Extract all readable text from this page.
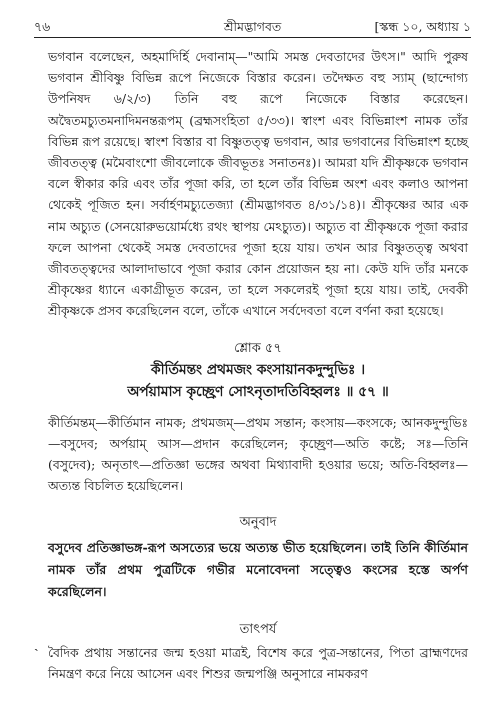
৭৬	শ্রীমদ্ভাগবত	[স্কন্ধ ১০, অধ্যায় ১

ভগবান বলেছেন, অহমাদির্হি দেবানাম্—"আমি সমস্ত দেবতাদের উৎস।" আদি পুরুষ ভগবান শ্রীবিষ্ণু বিভিন্ন রূপে নিজেকে বিস্তার করেন। তদৈক্ষত বহু স্যাম্ (ছান্দোগ্য উপনিষদ ৬/২/৩) তিনি বহু রূপে নিজেকে বিস্তার করেছেন। অদ্বৈতমচ্যুতমনাদিমনন্তরূপম্ (ব্রহ্মসংহিতা ৫/৩৩)। স্বাংশ এবং বিভিন্নাংশ নামক তাঁর বিভিন্ন রূপ রয়েছে। স্বাংশ বিস্তার বা বিষ্ণুতত্ত্ব ভগবান, আর ভগবানের বিভিন্নাংশ হচ্ছে জীবতত্ত্ব (মমৈবাংশো জীবলোকে জীবভূতঃ সনাতনঃ)। আমরা যদি শ্রীকৃষ্ণকে ভগবান বলে স্বীকার করি এবং তাঁর পূজা করি, তা হলে তাঁর বিভিন্ন অংশ এবং কলাও আপনা থেকেই পূজিত হন। সর্বার্হণমচ্যুতেজ্যা (শ্রীমদ্ভাগবত ৪/৩১/১৪)। শ্রীকৃষ্ণের আর এক নাম অচ্যুত (সেনয়োরুভয়োর্মধ্যে রথং স্থাপয় মেঽচ্যুত)। অচ্যুত বা শ্রীকৃষ্ণকে পূজা করার ফলে আপনা থেকেই সমস্ত দেবতাদের পূজা হয়ে যায়। তখন আর বিষ্ণুতত্ত্ব অথবা জীবতত্ত্বদের আলাদাভাবে পূজা করার কোন প্রয়োজন হয় না। কেউ যদি তাঁর মনকে শ্রীকৃষ্ণের ধ্যানে একাগ্রীভূত করেন, তা হলে সকলেরই পূজা হয়ে যায়। তাই, দেবকী শ্রীকৃষ্ণকে প্রসব করেছিলেন বলে, তাঁকে এখানে সর্বদেবতা বলে বর্ণনা করা হয়েছে।

শ্লোক ৫৭
কীর্তিমন্তং প্রথমজং কংসায়ানকদুন্দুভিঃ ।
অর্পয়ামাস কৃচ্ছ্রেণ সোঽনৃতাদতিবিহ্বলঃ ॥ ৫৭ ॥

কীর্তিমন্তম্—কীর্তিমান নামক; প্রথমজম্—প্রথম সন্তান; কংসায়—কংসকে; আনকদুন্দুভিঃ—বসুদেব; অর্পয়াম্ আস—প্রদান করেছিলেন; কৃচ্ছ্রেণ—অতি কষ্টে; সঃ—তিনি (বসুদেব); অনৃতাৎ—প্রতিজ্ঞা ভঙ্গের অথবা মিথ্যাবাদী হওয়ার ভয়ে; অতি-বিহ্বলঃ—অত্যন্ত বিচলিত হয়েছিলেন।

অনুবাদ

বসুদেব প্রতিজ্ঞাভঙ্গ-রূপ অসত্যের ভয়ে অত্যন্ত ভীত হয়েছিলেন। তাই তিনি কীর্তিমান নামক তাঁর প্রথম পুত্রটিকে গভীর মনোবেদনা সত্ত্বেও কংসের হস্তে অর্পণ করেছিলেন।

তাৎপর্য

বৈদিক প্রথায় সন্তানের জন্ম হওয়া মাত্রই, বিশেষ করে পুত্র-সন্তানের, পিতা ব্রাহ্মণদের নিমন্ত্রণ করে নিয়ে আসেন এবং শিশুর জন্মপঞ্জি অনুসারে নামকরণ

ˏ
